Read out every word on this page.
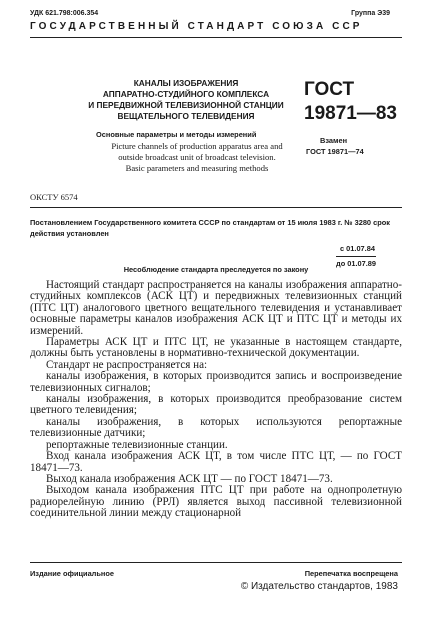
УДК 621.798:006.354	Группа Э39
ГОСУДАРСТВЕННЫЙ СТАНДАРТ СОЮЗА ССР
КАНАЛЫ ИЗОБРАЖЕНИЯ
АППАРАТНО-СТУДИЙНОГО КОМПЛЕКСА
И ПЕРЕДВИЖНОЙ ТЕЛЕВИЗИОННОЙ СТАНЦИИ
ВЕЩАТЕЛЬНОГО ТЕЛЕВИДЕНИЯ
Основные параметры и методы измерений
Picture channels of production apparatus area and
outside broadcast unit of broadcast television.
Basic parameters and measuring methods
ОКСТУ 6574
ГОСТ
19871—83
Взамен
ГОСТ 19871—74
Постановлением Государственного комитета СССР по стандартам от 15 июля 1983 г. № 3280 срок действия установлен
с 01.07.84
до 01.07.89
Несоблюдение стандарта преследуется по закону

Настоящий стандарт распространяется на каналы изображения аппаратно-студийных комплексов (АСК ЦТ) и передвижных телевизионных станций (ПТС ЦТ) аналогового цветного вещательного телевидения и устанавливает основные параметры каналов изображения АСК ЦТ и ПТС ЦТ и методы их измерений.

Параметры АСК ЦТ и ПТС ЦТ, не указанные в настоящем стандарте, должны быть установлены в нормативно-технической документации.

Стандарт не распространяется на:

каналы изображения, в которых производится запись и воспроизведение телевизионных сигналов;

каналы изображения, в которых производится преобразование систем цветного телевидения;

каналы изображения, в которых используются репортажные телевизионные датчики;

репортажные телевизионные станции.

Вход канала изображения АСК ЦТ, в том числе ПТС ЦТ, — по ГОСТ 18471—73.

Выход канала изображения АСК ЦТ — по ГОСТ 18471—73.

Выходом канала изображения ПТС ЦТ при работе на однопролетную радиорелейную линию (РРЛ) является выход пассивной телевизионной соединительной линии между стационарной

Издание официальное	Перепечатка воспрещена
© Издательство стандартов, 1983
